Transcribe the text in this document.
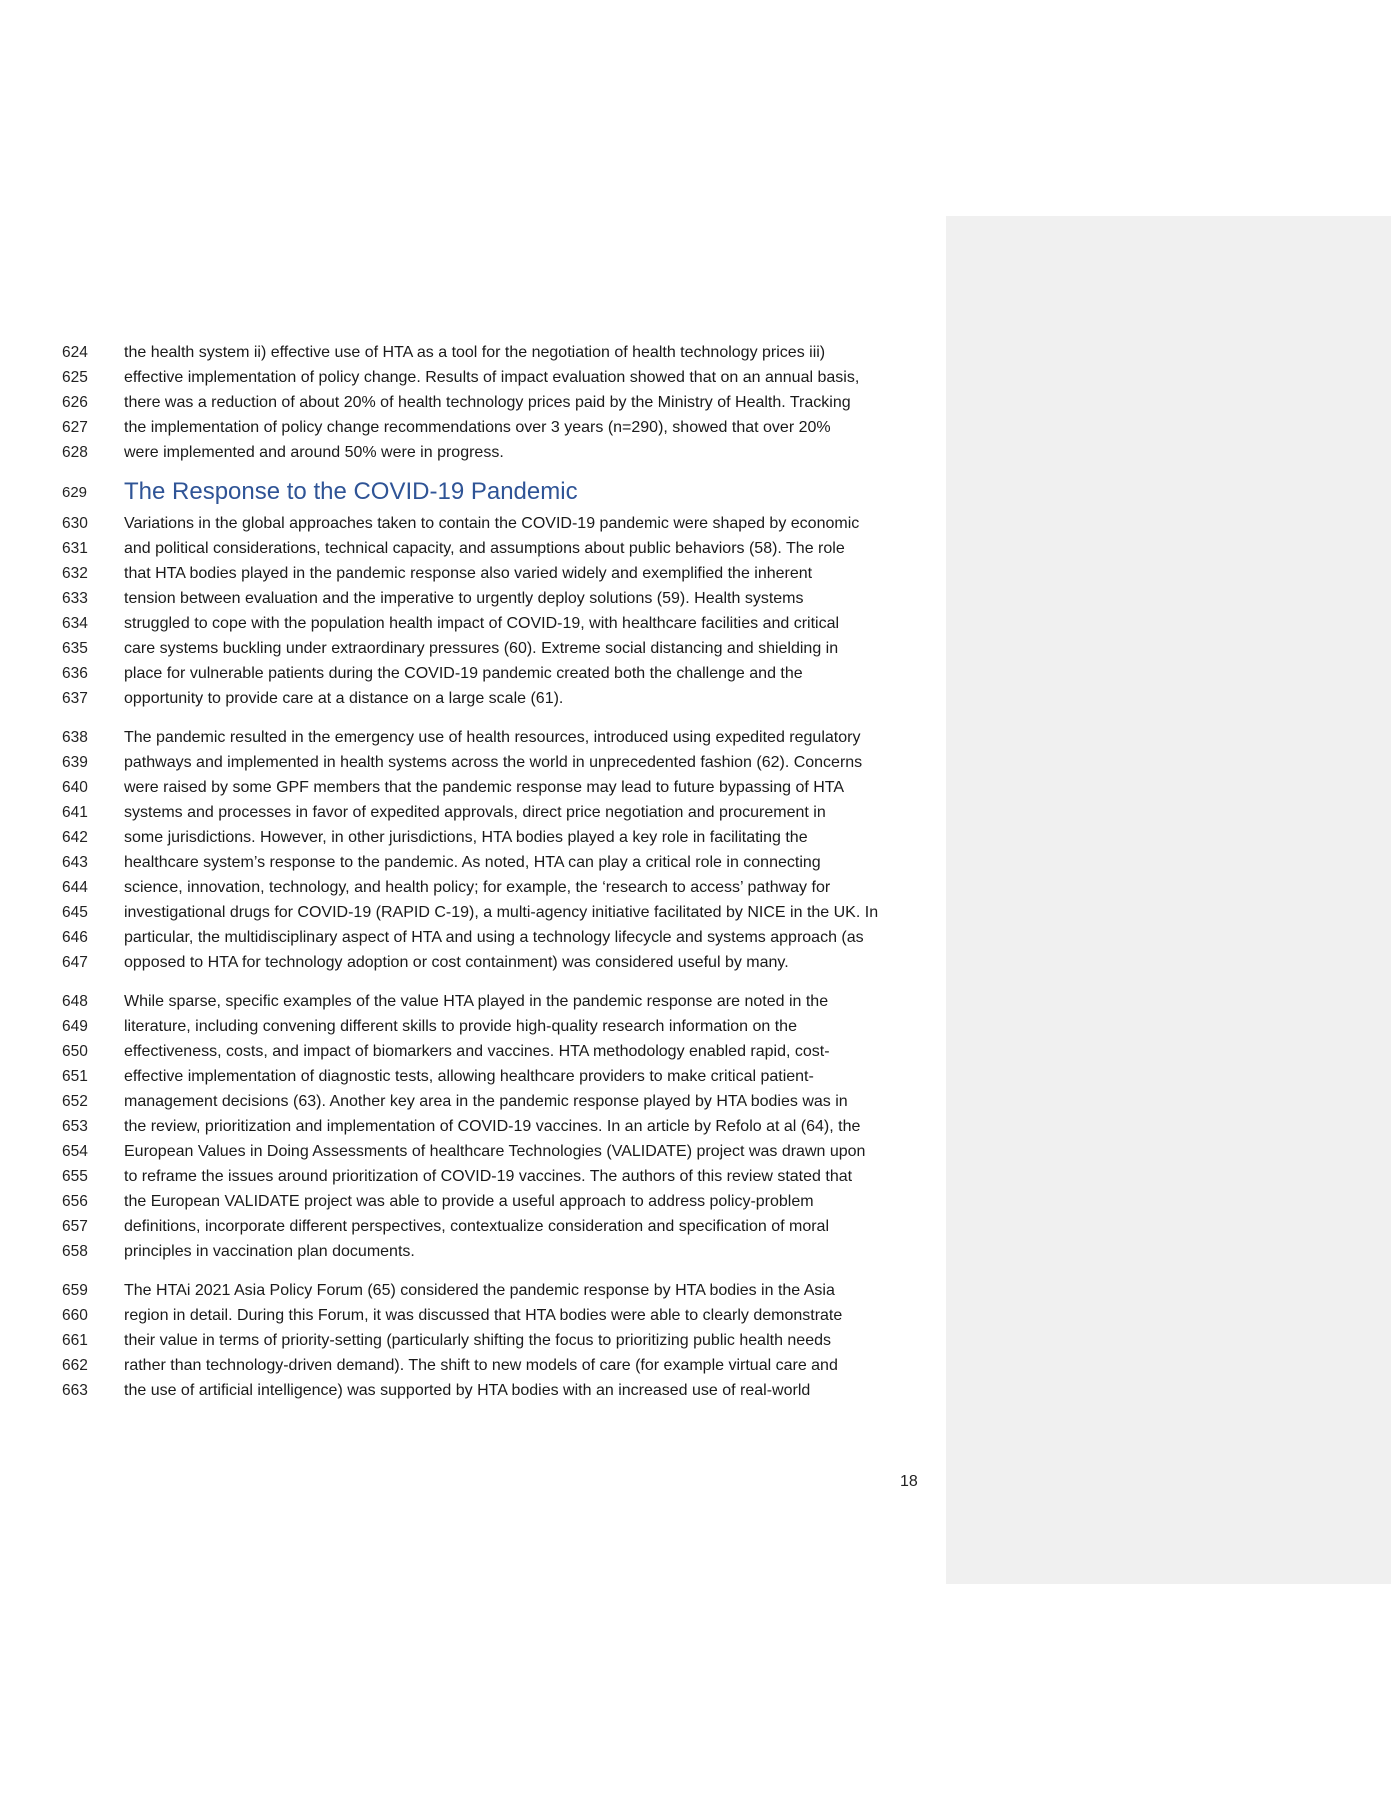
624	the health system ii) effective use of HTA as a tool for the negotiation of health technology prices iii)
625	effective implementation of policy change. Results of impact evaluation showed that on an annual basis,
626	there was a reduction of about 20% of health technology prices paid by the Ministry of Health. Tracking
627	the implementation of policy change recommendations over 3 years (n=290), showed that over 20%
628	were implemented and around 50% were in progress.
629 The Response to the COVID-19 Pandemic
630	Variations in the global approaches taken to contain the COVID-19 pandemic were shaped by economic
631	and political considerations, technical capacity, and assumptions about public behaviors (58). The role
632	that HTA bodies played in the pandemic response also varied widely and exemplified the inherent
633	tension between evaluation and the imperative to urgently deploy solutions (59). Health systems
634	struggled to cope with the population health impact of COVID-19, with healthcare facilities and critical
635	care systems buckling under extraordinary pressures (60). Extreme social distancing and shielding in
636	place for vulnerable patients during the COVID-19 pandemic created both the challenge and the
637	opportunity to provide care at a distance on a large scale (61).
638	The pandemic resulted in the emergency use of health resources, introduced using expedited regulatory
639	pathways and implemented in health systems across the world in unprecedented fashion (62). Concerns
640	were raised by some GPF members that the pandemic response may lead to future bypassing of HTA
641	systems and processes in favor of expedited approvals, direct price negotiation and procurement in
642	some jurisdictions. However, in other jurisdictions, HTA bodies played a key role in facilitating the
643	healthcare system’s response to the pandemic. As noted, HTA can play a critical role in connecting
644	science, innovation, technology, and health policy; for example, the ‘research to access’ pathway for
645	investigational drugs for COVID-19 (RAPID C-19), a multi-agency initiative facilitated by NICE in the UK. In
646	particular, the multidisciplinary aspect of HTA and using a technology lifecycle and systems approach (as
647	opposed to HTA for technology adoption or cost containment) was considered useful by many.
648	While sparse, specific examples of the value HTA played in the pandemic response are noted in the
649	literature, including convening different skills to provide high-quality research information on the
650	effectiveness, costs, and impact of biomarkers and vaccines. HTA methodology enabled rapid, cost-
651	effective implementation of diagnostic tests, allowing healthcare providers to make critical patient-
652	management decisions (63). Another key area in the pandemic response played by HTA bodies was in
653	the review, prioritization and implementation of COVID-19 vaccines. In an article by Refolo at al (64), the
654	European Values in Doing Assessments of healthcare Technologies (VALIDATE) project was drawn upon
655	to reframe the issues around prioritization of COVID-19 vaccines. The authors of this review stated that
656	the European VALIDATE project was able to provide a useful approach to address policy-problem
657	definitions, incorporate different perspectives, contextualize consideration and specification of moral
658	principles in vaccination plan documents.
659	The HTAi 2021 Asia Policy Forum (65) considered the pandemic response by HTA bodies in the Asia
660	region in detail. During this Forum, it was discussed that HTA bodies were able to clearly demonstrate
661	their value in terms of priority-setting (particularly shifting the focus to prioritizing public health needs
662	rather than technology-driven demand). The shift to new models of care (for example virtual care and
663	the use of artificial intelligence) was supported by HTA bodies with an increased use of real-world
18
